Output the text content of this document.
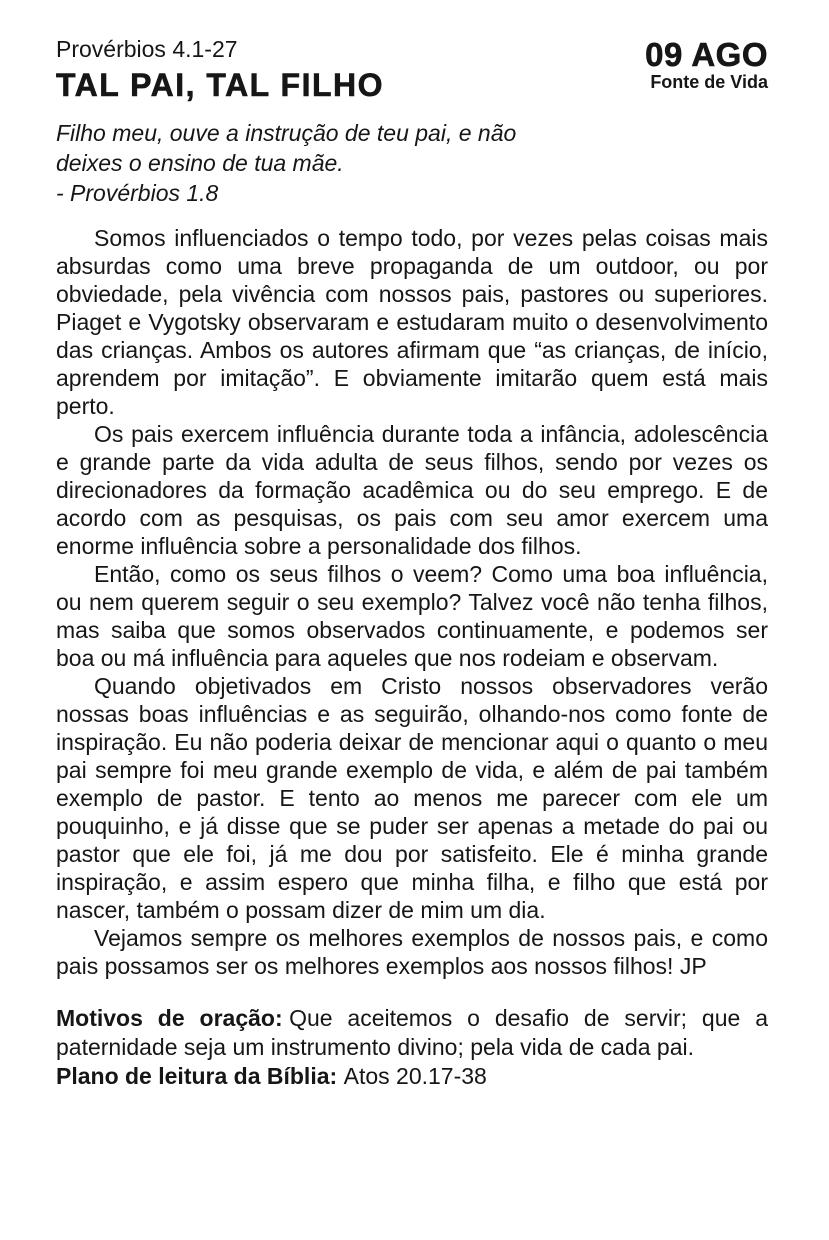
Provérbios 4.1-27
TAL PAI, TAL FILHO
09 AGO
Fonte de Vida
Filho meu, ouve a instrução de teu pai, e não
deixes o ensino de tua mãe.
- Provérbios 1.8

Somos influenciados o tempo todo, por vezes pelas coisas mais absurdas como uma breve propaganda de um outdoor, ou por obviedade, pela vivência com nossos pais, pastores ou superiores. Piaget e Vygotsky observaram e estudaram muito o desenvolvimento das crianças. Ambos os autores afirmam que “as crianças, de início, aprendem por imitação”. E obviamente imitarão quem está mais perto.

Os pais exercem influência durante toda a infância, adolescência e grande parte da vida adulta de seus filhos, sendo por vezes os direcionadores da formação acadêmica ou do seu emprego. E de acordo com as pesquisas, os pais com seu amor exercem uma enorme influência sobre a personalidade dos filhos.

Então, como os seus filhos o veem? Como uma boa influência, ou nem querem seguir o seu exemplo? Talvez você não tenha filhos, mas saiba que somos observados continuamente, e podemos ser boa ou má influência para aqueles que nos rodeiam e observam.

Quando objetivados em Cristo nossos observadores verão nossas boas influências e as seguirão, olhando-nos como fonte de inspiração. Eu não poderia deixar de mencionar aqui o quanto o meu pai sempre foi meu grande exemplo de vida, e além de pai também exemplo de pastor. E tento ao menos me parecer com ele um pouquinho, e já disse que se puder ser apenas a metade do pai ou pastor que ele foi, já me dou por satisfeito. Ele é minha grande inspiração, e assim espero que minha filha, e filho que está por nascer, também o possam dizer de mim um dia.

Vejamos sempre os melhores exemplos de nossos pais, e como pais possamos ser os melhores exemplos aos nossos filhos! JP

Motivos de oração: Que aceitemos o desafio de servir; que a paternidade seja um instrumento divino; pela vida de cada pai.

Plano de leitura da Bíblia: Atos 20.17-38
